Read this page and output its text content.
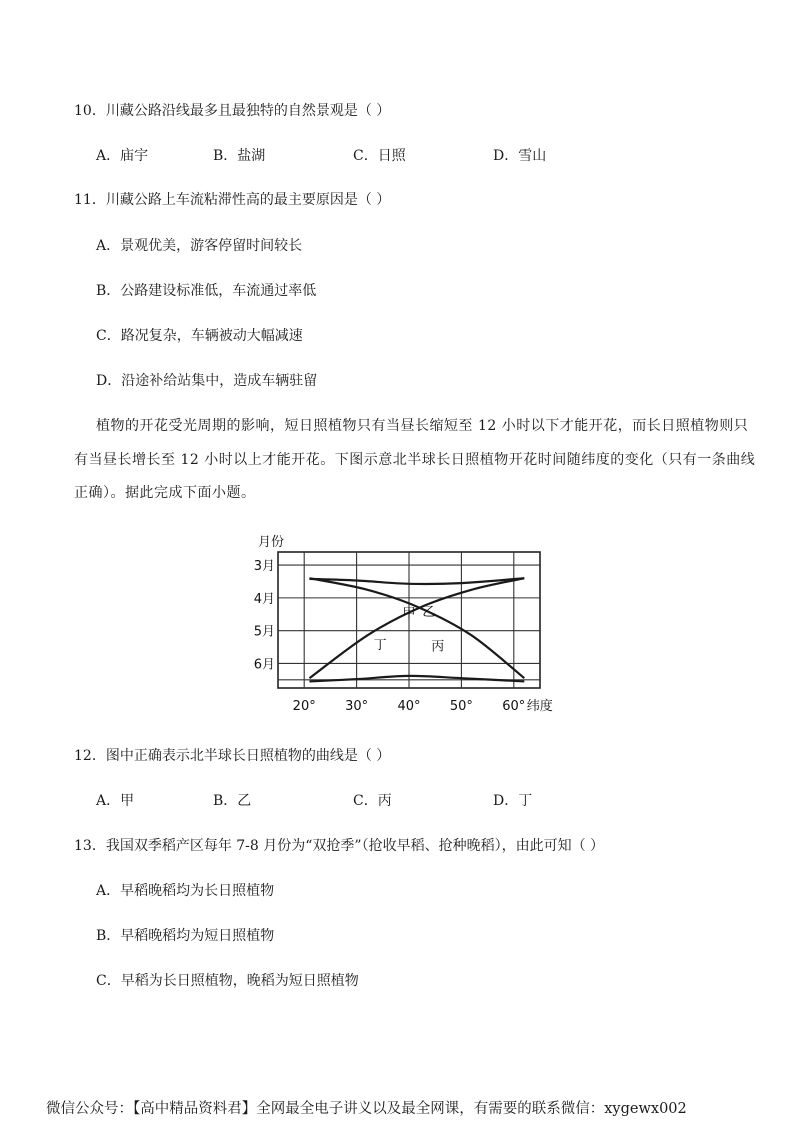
10．川藏公路沿线最多且最独特的自然景观是（ ）
A．庙宇	B．盐湖	C．日照	D．雪山
11．川藏公路上车流粘滞性高的最主要原因是（ ）
A．景观优美，游客停留时间较长
B．公路建设标准低，车流通过率低
C．路况复杂，车辆被动大幅减速
D．沿途补给站集中，造成车辆驻留
植物的开花受光周期的影响，短日照植物只有当昼长缩短至 12 小时以下才能开花，而长日照植物则只
有当昼长增长至 12 小时以上才能开花。下图示意北半球长日照植物开花时间随纬度的变化（只有一条曲线
正确）。据此完成下面小题。
3月
4月
5月
6月
20° 30° 40° 50° 60°
月份
纬度
甲 乙
丁	丙
12．图中正确表示北半球长日照植物的曲线是（ ）
A．甲	B．乙	C．丙	D．丁
13．我国双季稻产区每年 7-8 月份为“双抢季”（抢收早稻、抢种晚稻），由此可知（ ）
A．早稻晚稻均为长日照植物
B．早稻晚稻均为短日照植物
C．早稻为长日照植物，晚稻为短日照植物
微信公众号：【高中精品资料君】全网最全电子讲义以及最全网课，有需要的联系微信：xygewx002
